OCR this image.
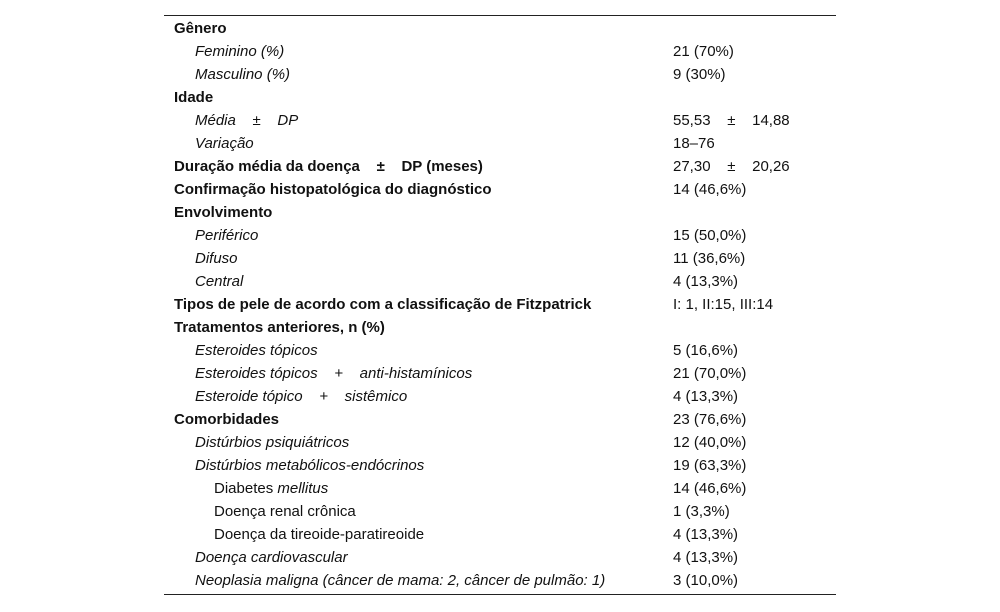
Gênero
Feminino (%)	21 (70%)
Masculino (%)	9 (30%)
Idade
Média    ±    DP	55,53    ±    14,88
Variação	18–76
Duração média da doença    ±    DP (meses)	27,30    ±    20,26
Confirmação histopatológica do diagnóstico	14 (46,6%)
Envolvimento
Periférico	15 (50,0%)
Difuso	11 (36,6%)
Central	4 (13,3%)
Tipos de pele de acordo com a classificação de Fitzpatrick	I: 1, II:15, III:14
Tratamentos anteriores, n (%)
Esteroides tópicos	5 (16,6%)
Esteroides tópicos    +    anti-histamínicos	21 (70,0%)
Esteroide tópico    +    sistêmico	4 (13,3%)
Comorbidades	23 (76,6%)
Distúrbios psiquiátricos	12 (40,0%)
Distúrbios metabólicos-endócrinos	19 (63,3%)
Diabetes mellitus	14 (46,6%)
Doença renal crônica	1 (3,3%)
Doença da tireoide-paratireoide	4 (13,3%)
Doença cardiovascular	4 (13,3%)
Neoplasia maligna (câncer de mama: 2, câncer de pulmão: 1)	3 (10,0%)
